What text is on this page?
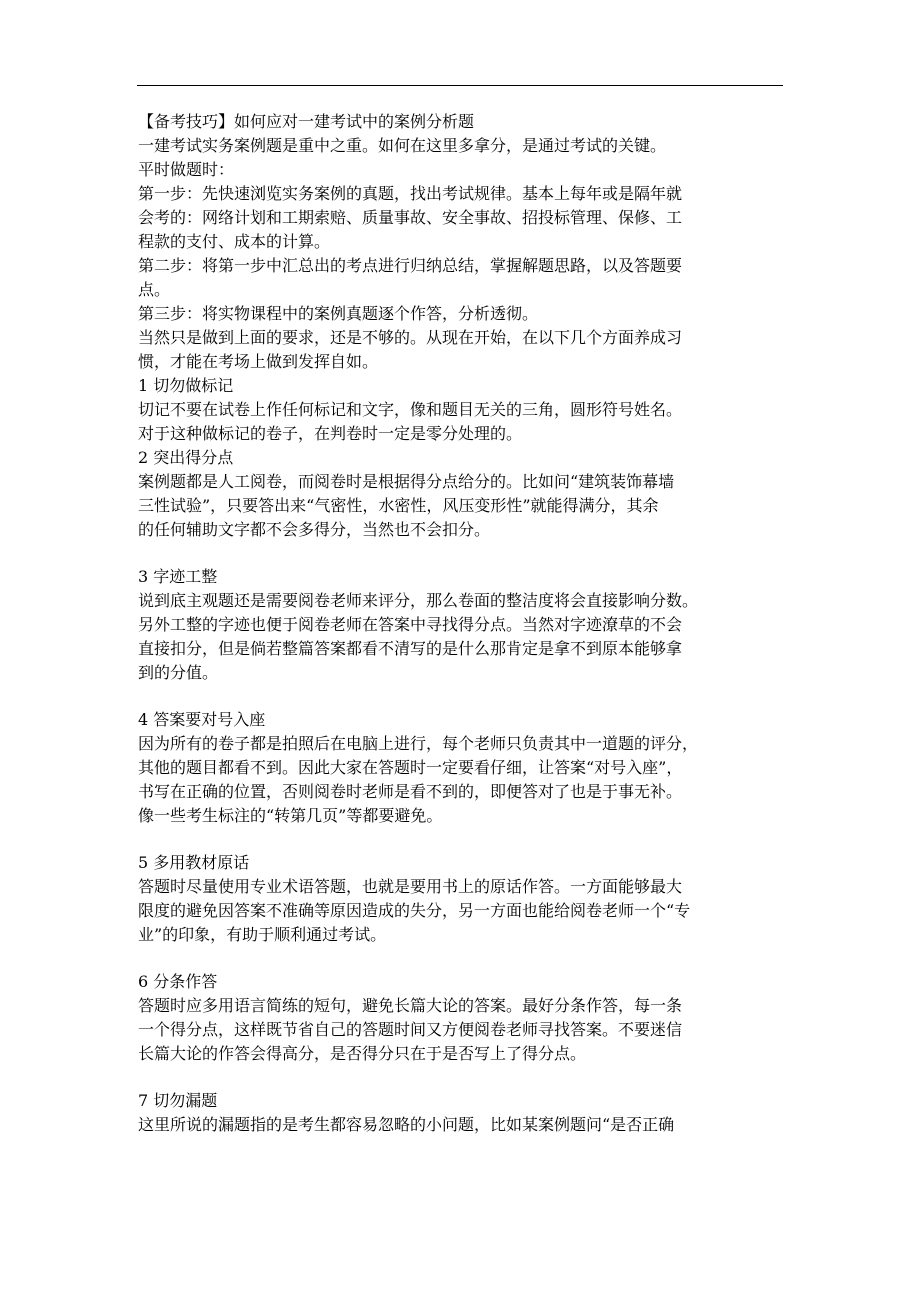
【备考技巧】如何应对一建考试中的案例分析题
一建考试实务案例题是重中之重。如何在这里多拿分，是通过考试的关键。
平时做题时：
第一步：先快速浏览实务案例的真题，找出考试规律。基本上每年或是隔年就
会考的：网络计划和工期索赔、质量事故、安全事故、招投标管理、保修、工
程款的支付、成本的计算。
第二步：将第一步中汇总出的考点进行归纳总结，掌握解题思路，以及答题要
点。
第三步：将实物课程中的案例真题逐个作答，分析透彻。
当然只是做到上面的要求，还是不够的。从现在开始，在以下几个方面养成习
惯，才能在考场上做到发挥自如。
1 切勿做标记
切记不要在试卷上作任何标记和文字，像和题目无关的三角，圆形符号姓名。
对于这种做标记的卷子，在判卷时一定是零分处理的。
2 突出得分点
案例题都是人工阅卷，而阅卷时是根据得分点给分的。比如问“建筑装饰幕墙
三性试验”，只要答出来“气密性，水密性，风压变形性”就能得满分，其余
的任何辅助文字都不会多得分，当然也不会扣分。
3 字迹工整
说到底主观题还是需要阅卷老师来评分，那么卷面的整洁度将会直接影响分数。
另外工整的字迹也便于阅卷老师在答案中寻找得分点。当然对字迹潦草的不会
直接扣分，但是倘若整篇答案都看不清写的是什么那肯定是拿不到原本能够拿
到的分值。
4 答案要对号入座
因为所有的卷子都是拍照后在电脑上进行，每个老师只负责其中一道题的评分，
其他的题目都看不到。因此大家在答题时一定要看仔细，让答案“对号入座”，
书写在正确的位置，否则阅卷时老师是看不到的，即便答对了也是于事无补。
像一些考生标注的“转第几页”等都要避免。
5 多用教材原话
答题时尽量使用专业术语答题，也就是要用书上的原话作答。一方面能够最大
限度的避免因答案不准确等原因造成的失分，另一方面也能给阅卷老师一个“专
业”的印象，有助于顺利通过考试。
6 分条作答
答题时应多用语言简练的短句，避免长篇大论的答案。最好分条作答，每一条
一个得分点，这样既节省自己的答题时间又方便阅卷老师寻找答案。不要迷信
长篇大论的作答会得高分，是否得分只在于是否写上了得分点。
7 切勿漏题
这里所说的漏题指的是考生都容易忽略的小问题，比如某案例题问“是否正确
